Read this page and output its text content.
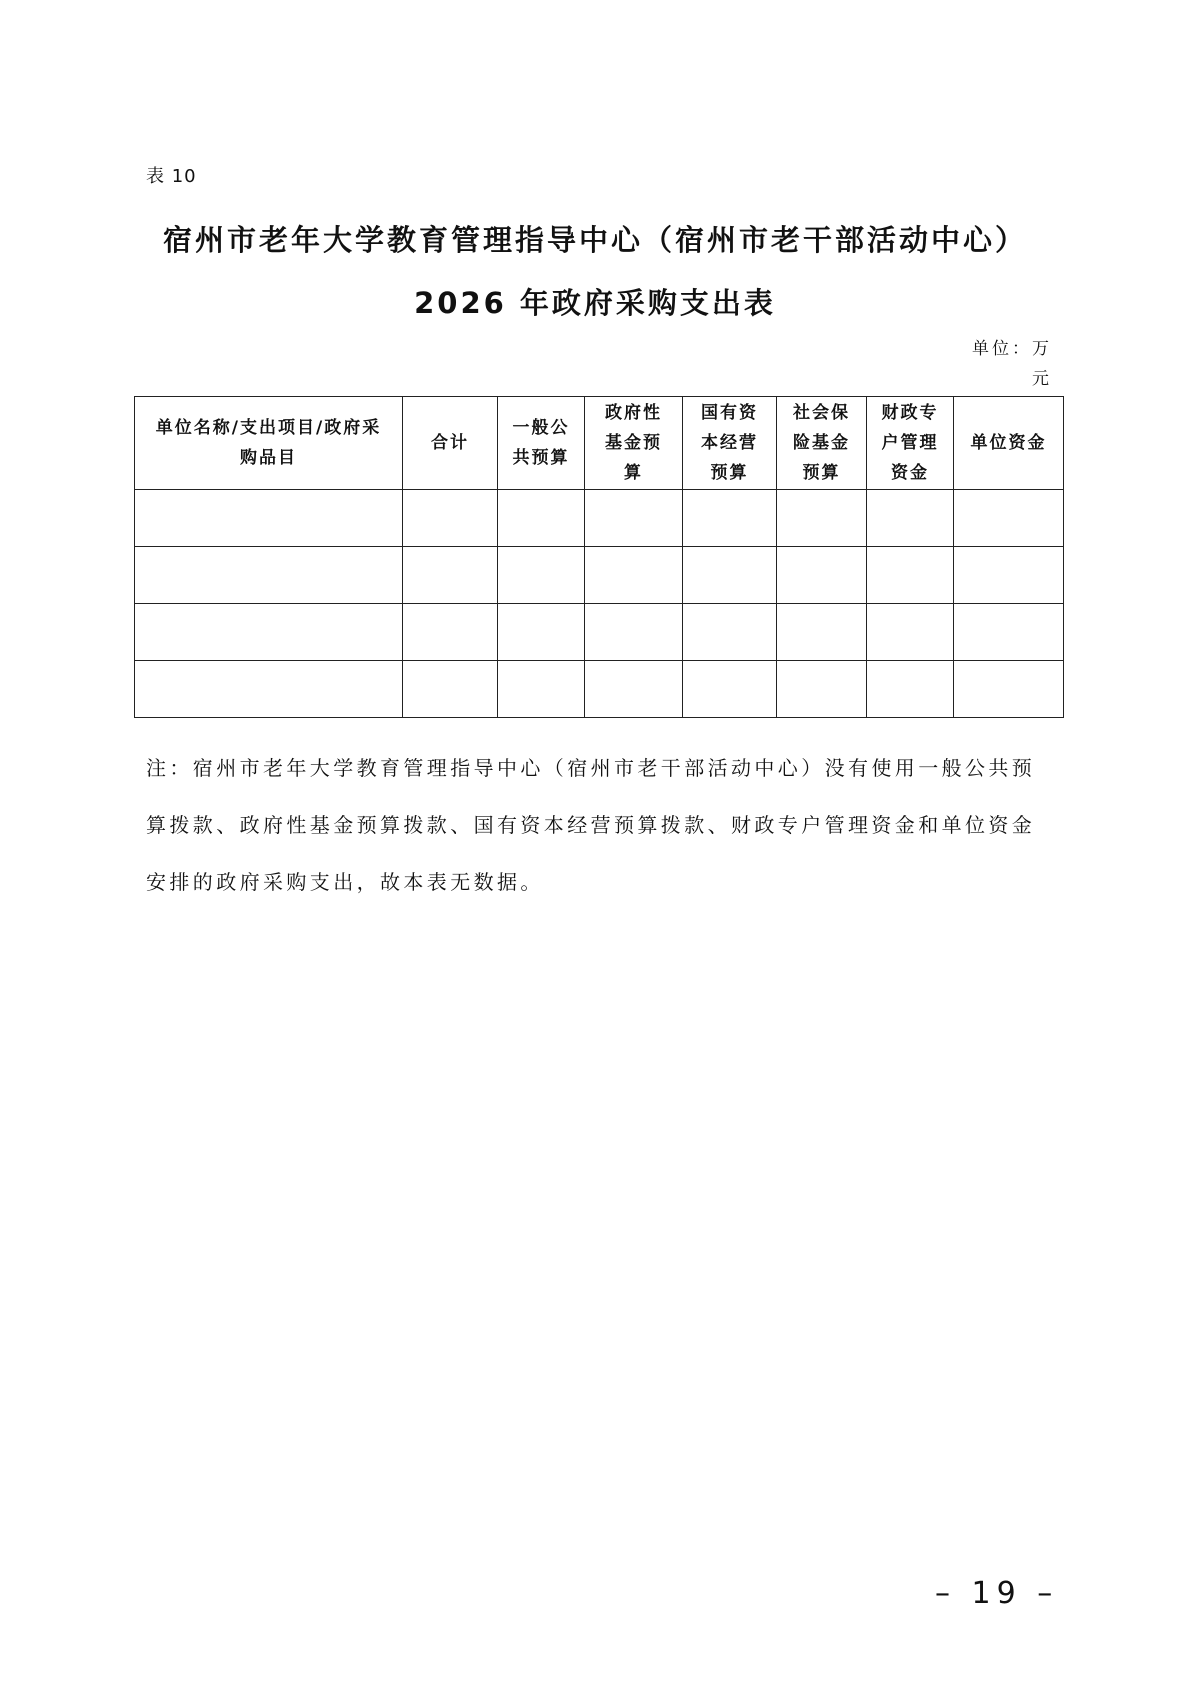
表 10
宿州市老年大学教育管理指导中心（宿州市老干部活动中心）
2026 年政府采购支出表
单位：万元
单位名称/支出项目/政府采购品目	合计	一般公共预算	政府性基金预算	国有资本经营预算	社会保险基金预算	财政专户管理资金	单位资金

注：宿州市老年大学教育管理指导中心（宿州市老干部活动中心）没有使用一般公共预算拨款、政府性基金预算拨款、国有资本经营预算拨款、财政专户管理资金和单位资金安排的政府采购支出，故本表无数据。
– 19 –
